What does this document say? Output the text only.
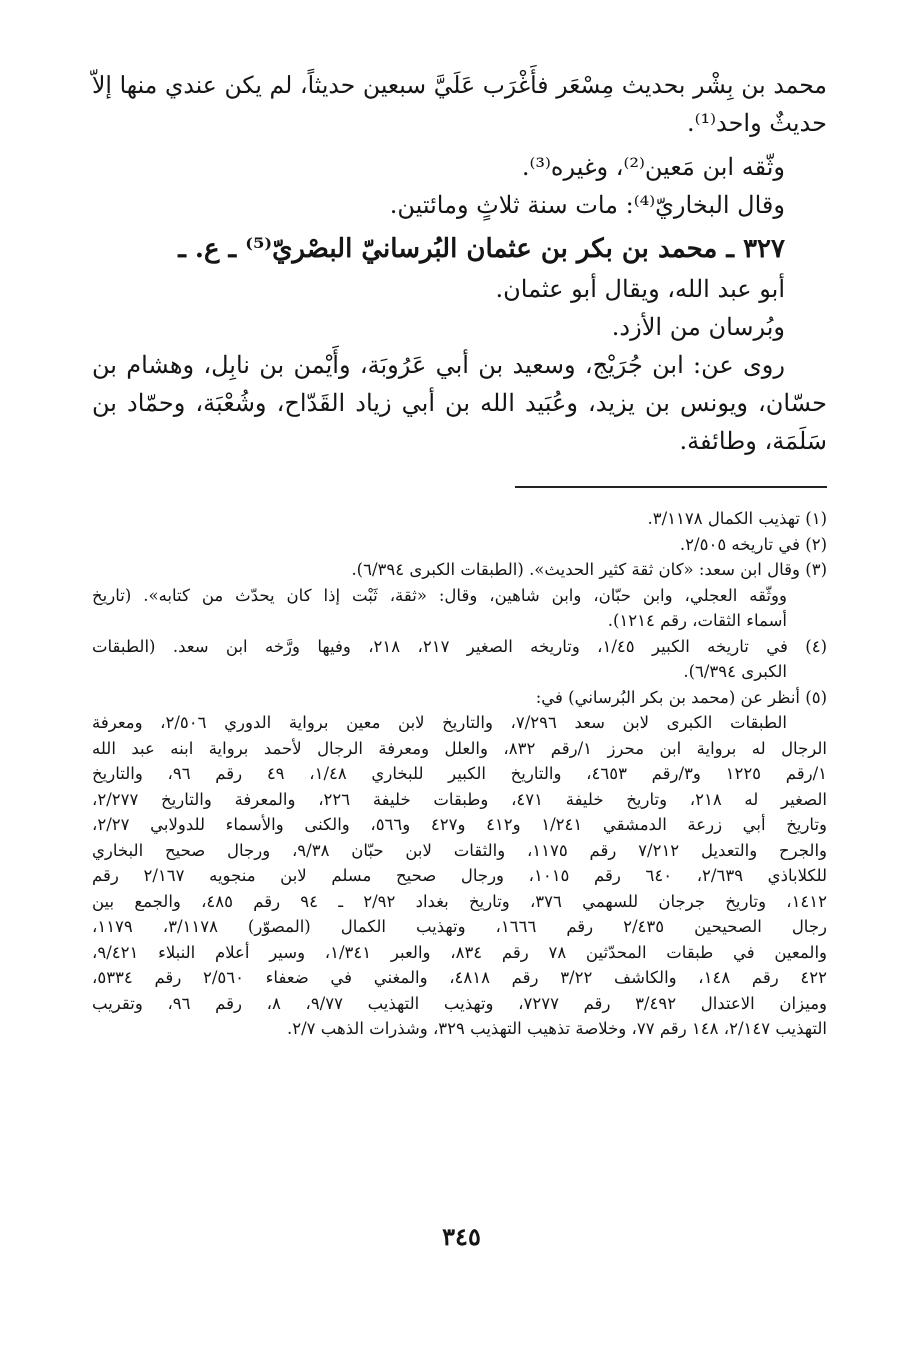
محمد بن بِشْر بحديث مِسْعَر فأَغْرَب عَلَيَّ سبعين حديثاً، لم يكن عندي منها إلاّ
حديثٌ واحد⁽¹⁾.
وثّقه ابن مَعين⁽²⁾، وغيره⁽³⁾.
وقال البخاريّ⁽⁴⁾: مات سنة ثلاثٍ ومائتين.
٣٢٧ ـ محمد بن بكر بن عثمان البُرسانيّ البصْريّ⁽⁵⁾ ـ ع. ـ
أبو عبد الله، ويقال أبو عثمان.
وبُرسان من الأزد.
روى عن: ابن جُرَيْج، وسعيد بن أبي عَرُوبَة، وأَيْمن بن نابِل، وهشام بن
حسّان، ويونس بن يزيد، وعُبَيد الله بن أبي زياد القَدّاح، وشُعْبَة، وحمّاد بن
سَلَمَة، وطائفة.
(١) تهذيب الكمال ٣/١١٧٨.
(٢) في تاريخه ٢/٥٠٥.
(٣) وقال ابن سعد: «كان ثقة كثير الحديث». (الطبقات الكبرى ٦/٣٩٤).
ووثّقه العجلي، وابن حبّان، وابن شاهين، وقال: «ثقة، ثَبْت إذا كان يحدّث من كتابه». (تاريخ
أسماء الثقات، رقم ١٢١٤).
(٤) في تاريخه الكبير ١/٤٥، وتاريخه الصغير ٢١٧، ٢١٨، وفيها ورَّخه ابن سعد. (الطبقات
الكبرى ٦/٣٩٤).
(٥) أنظر عن (محمد بن بكر البُرساني) في:
الطبقات الكبرى لابن سعد ٧/٢٩٦، والتاريخ لابن معين برواية الدوري ٢/٥٠٦، ومعرفة
الرجال له برواية ابن محرز ١/رقم ٨٣٢، والعلل ومعرفة الرجال لأحمد برواية ابنه عبد الله
١/رقم ١٢٢٥ و٣/رقم ٤٦٥٣، والتاريخ الكبير للبخاري ١/٤٨، ٤٩ رقم ٩٦، والتاريخ
الصغير له ٢١٨، وتاريخ خليفة ٤٧١، وطبقات خليفة ٢٢٦، والمعرفة والتاريخ ٢/٢٧٧،
وتاريخ أبي زرعة الدمشقي ١/٢٤١ و٤١٢ و٤٢٧ و٥٦٦، والكنى والأسماء للدولابي ٢/٢٧،
والجرح والتعديل ٧/٢١٢ رقم ١١٧٥، والثقات لابن حبّان ٩/٣٨، ورجال صحيح البخاري
للكلاباذي ٢/٦٣٩، ٦٤٠ رقم ١٠١٥، ورجال صحيح مسلم لابن منجويه ٢/١٦٧ رقم
١٤١٢، وتاريخ جرجان للسهمي ٣٧٦، وتاريخ بغداد ٢/٩٢ ـ ٩٤ رقم ٤٨٥، والجمع بين
رجال الصحيحين ٢/٤٣٥ رقم ١٦٦٦، وتهذيب الكمال (المصوّر) ٣/١١٧٨، ١١٧٩،
والمعين في طبقات المحدّثين ٧٨ رقم ٨٣٤، والعبر ١/٣٤١، وسير أعلام النبلاء ٩/٤٢١،
٤٢٢ رقم ١٤٨، والكاشف ٣/٢٢ رقم ٤٨١٨، والمغني في ضعفاء ٢/٥٦٠ رقم ٥٣٣٤،
وميزان الاعتدال ٣/٤٩٢ رقم ٧٢٧٧، وتهذيب التهذيب ٩/٧٧، ٨، رقم ٩٦، وتقريب
التهذيب ٢/١٤٧، ١٤٨ رقم ٧٧، وخلاصة تذهيب التهذيب ٣٢٩، وشذرات الذهب ٢/٧.
٣٤٥
